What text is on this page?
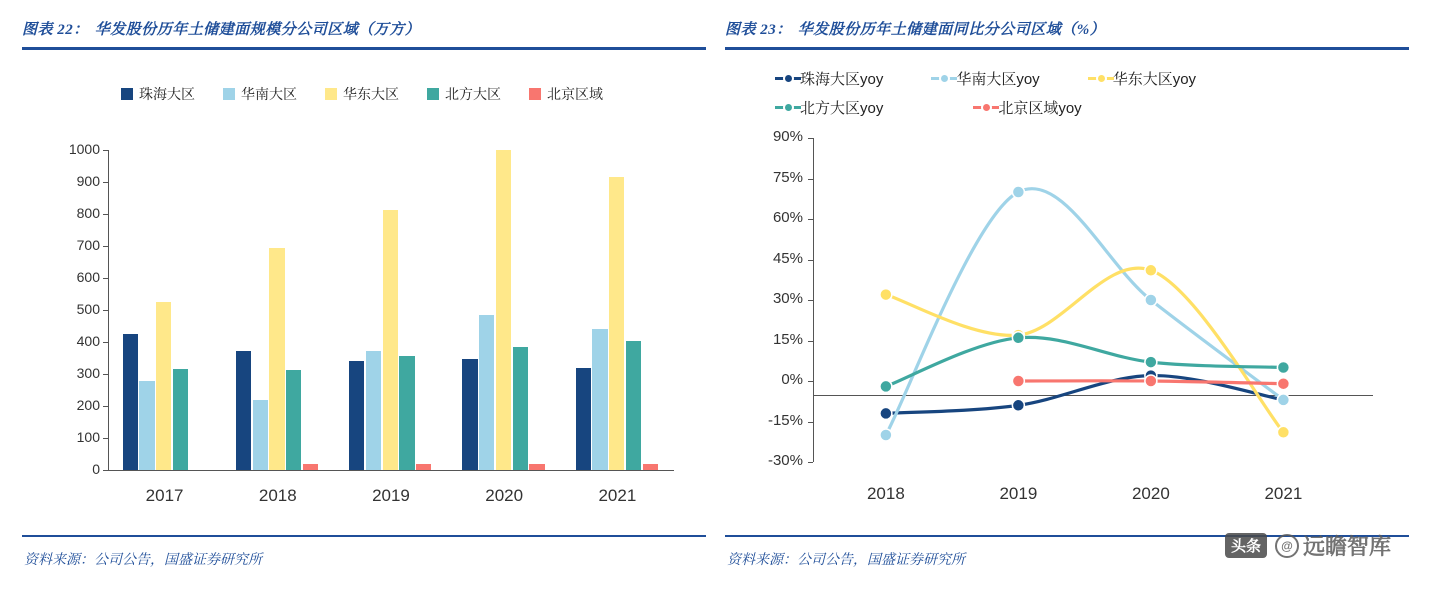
图表 22： 华发股份历年土储建面规模分公司区域（万方）
珠海大区	华南大区	华东大区	北方大区	北京区域
0
100
200
300
400
500
600
700
800
900
1000
2017	2018	2019	2020	2021
资料来源：公司公告，国盛证券研究所
图表 23： 华发股份历年土储建面同比分公司区域（%）
珠海大区yoy	华南大区yoy	华东大区yoy
北方大区yoy	北京区域yoy
-30%
-15%
0%
15%
30%
45%
60%
75%
90%
2018	2019	2020	2021
资料来源：公司公告，国盛证券研究所
头条	@ 远瞻智库
